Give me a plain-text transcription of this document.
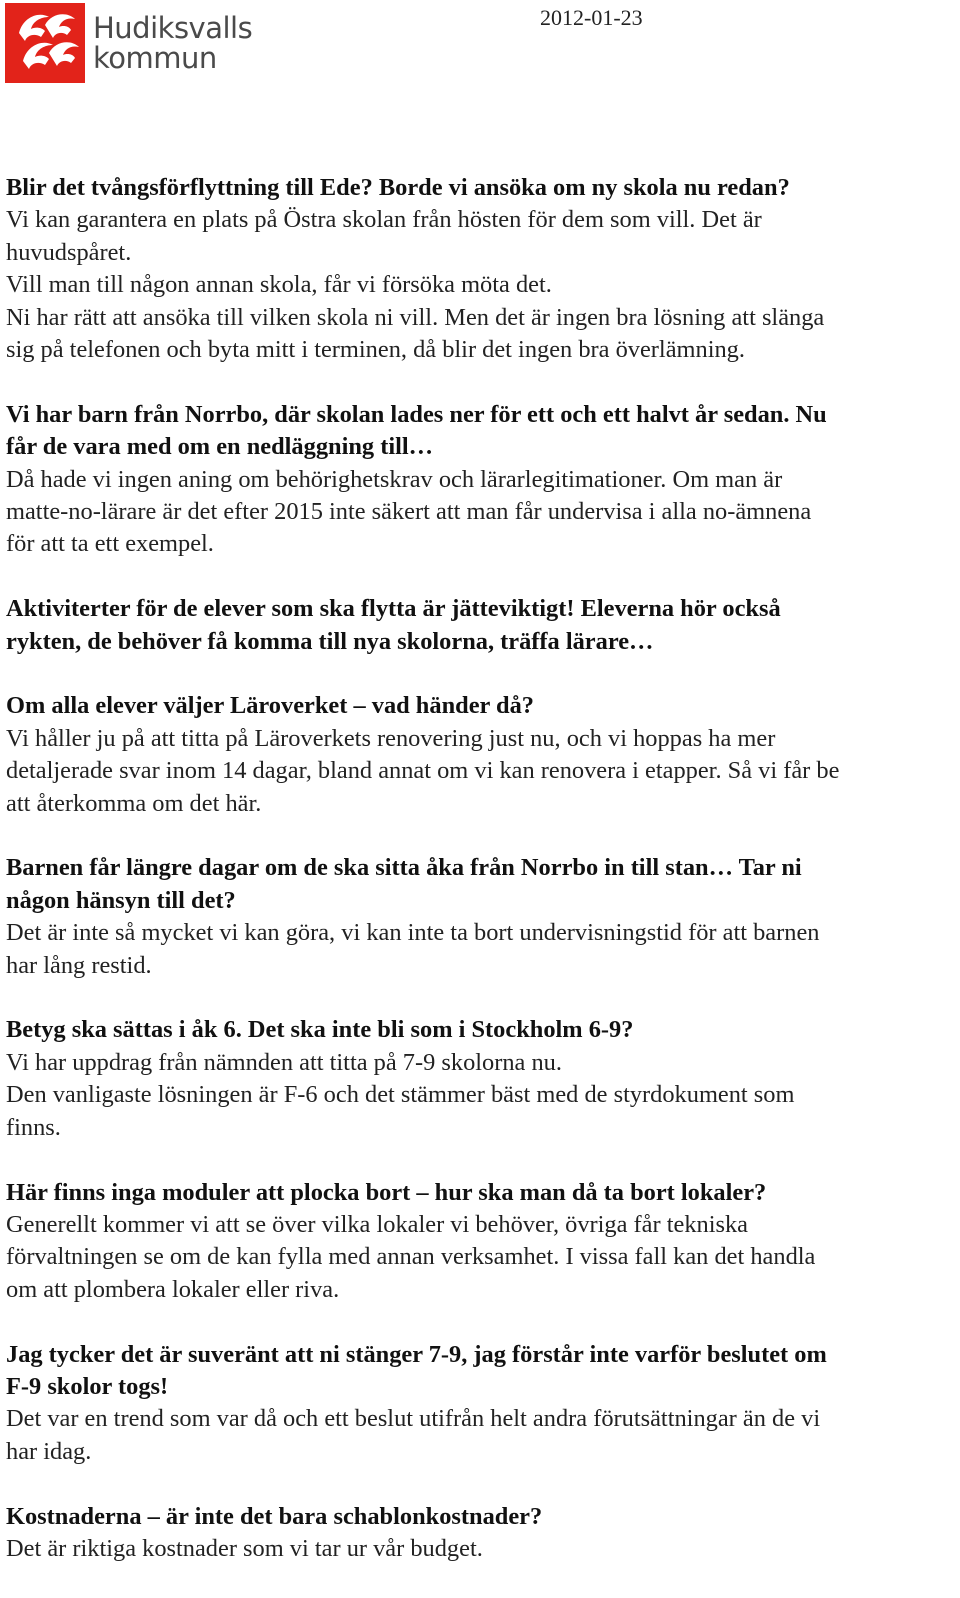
Hudiksvalls
kommun
2012-01-23
Blir det tvångsförflyttning till Ede? Borde vi ansöka om ny skola nu redan?
Vi kan garantera en plats på Östra skolan från hösten för dem som vill. Det är
huvudspåret.
Vill man till någon annan skola, får vi försöka möta det.
Ni har rätt att ansöka till vilken skola ni vill. Men det är ingen bra lösning att slänga
sig på telefonen och byta mitt i terminen, då blir det ingen bra överlämning.
Vi har barn från Norrbo, där skolan lades ner för ett och ett halvt år sedan. Nu
får de vara med om en nedläggning till…
Då hade vi ingen aning om behörighetskrav och lärarlegitimationer. Om man är
matte-no-lärare är det efter 2015 inte säkert att man får undervisa i alla no-ämnena
för att ta ett exempel.
Aktiviterter för de elever som ska flytta är jätteviktigt! Eleverna hör också
rykten, de behöver få komma till nya skolorna, träffa lärare…
Om alla elever väljer Läroverket – vad händer då?
Vi håller ju på att titta på Läroverkets renovering just nu, och vi hoppas ha mer
detaljerade svar inom 14 dagar, bland annat om vi kan renovera i etapper. Så vi får be
att återkomma om det här.
Barnen får längre dagar om de ska sitta åka från Norrbo in till stan… Tar ni
någon hänsyn till det?
Det är inte så mycket vi kan göra, vi kan inte ta bort undervisningstid för att barnen
har lång restid.
Betyg ska sättas i åk 6. Det ska inte bli som i Stockholm 6-9?
Vi har uppdrag från nämnden att titta på 7-9 skolorna nu.
Den vanligaste lösningen är F-6 och det stämmer bäst med de styrdokument som
finns.
Här finns inga moduler att plocka bort – hur ska man då ta bort lokaler?
Generellt kommer vi att se över vilka lokaler vi behöver, övriga får tekniska
förvaltningen se om de kan fylla med annan verksamhet. I vissa fall kan det handla
om att plombera lokaler eller riva.
Jag tycker det är suveränt att ni stänger 7-9, jag förstår inte varför beslutet om
F-9 skolor togs!
Det var en trend som var då och ett beslut utifrån helt andra förutsättningar än de vi
har idag.
Kostnaderna – är inte det bara schablonkostnader?
Det är riktiga kostnader som vi tar ur vår budget.
